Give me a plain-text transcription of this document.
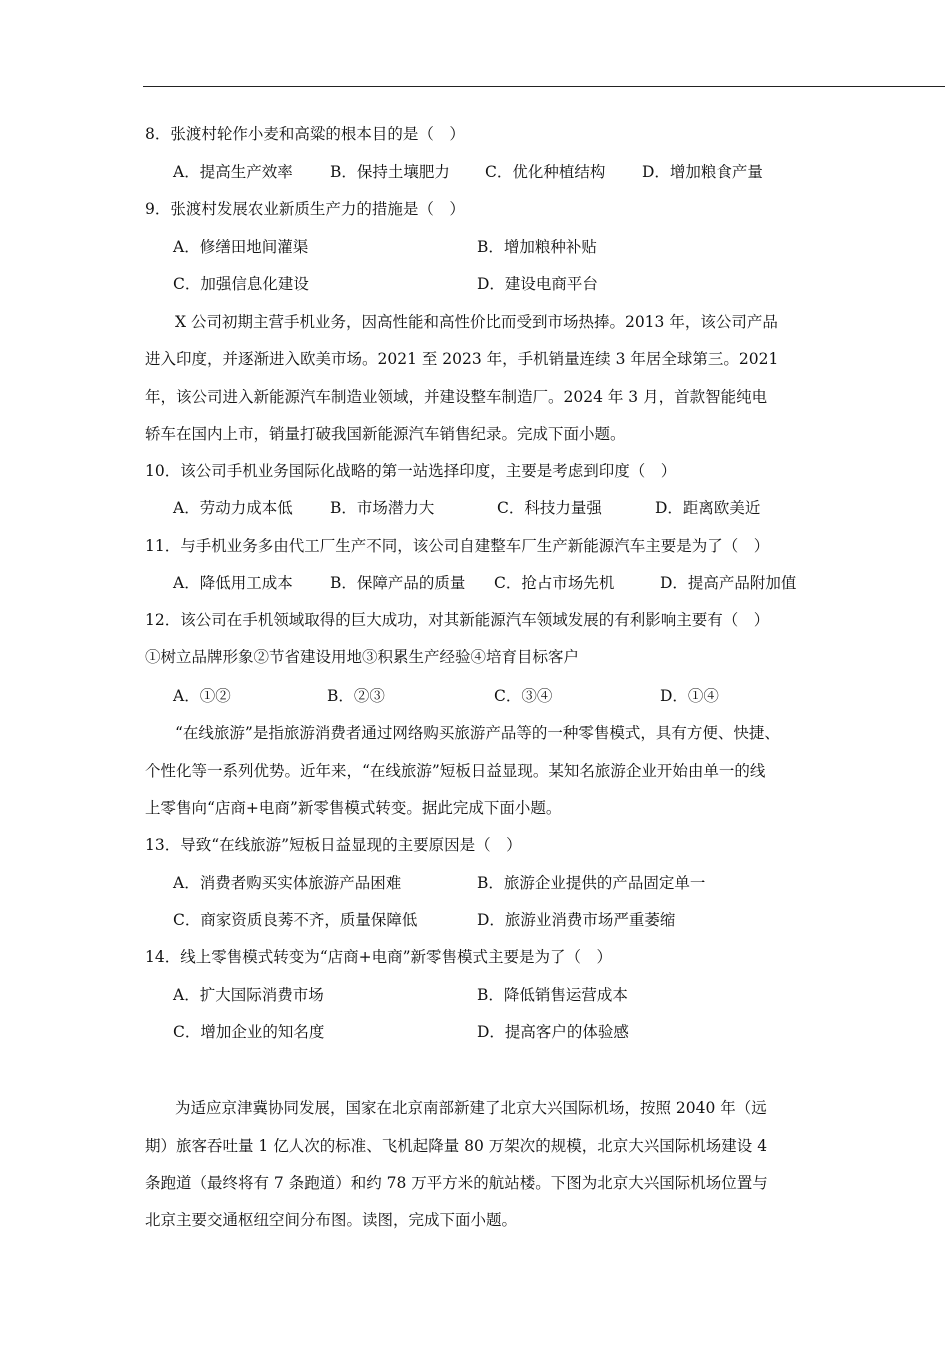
8．张渡村轮作小麦和高粱的根本目的是（　）
A．提高生产效率 B．保持土壤肥力 C．优化种植结构 D．增加粮食产量
9．张渡村发展农业新质生产力的措施是（　）
A．修缮田地间灌渠	B．增加粮种补贴
C．加强信息化建设	D．建设电商平台
X 公司初期主营手机业务，因高性能和高性价比而受到市场热捧。2013 年，该公司产品
进入印度，并逐渐进入欧美市场。2021 至 2023 年，手机销量连续 3 年居全球第三。2021
年，该公司进入新能源汽车制造业领域，并建设整车制造厂。2024 年 3 月，首款智能纯电
轿车在国内上市，销量打破我国新能源汽车销售纪录。完成下面小题。
10．该公司手机业务国际化战略的第一站选择印度，主要是考虑到印度（　）
A．劳动力成本低 B．市场潜力大	C．科技力量强	D．距离欧美近
11．与手机业务多由代工厂生产不同，该公司自建整车厂生产新能源汽车主要是为了（　）
A．降低用工成本 B．保障产品的质量 C．抢占市场先机	D．提高产品附加值
12．该公司在手机领域取得的巨大成功，对其新能源汽车领域发展的有利影响主要有（　）
①树立品牌形象②节省建设用地③积累生产经验④培育目标客户
A．①②	B．②③	C．③④	D．①④
“在线旅游”是指旅游消费者通过网络购买旅游产品等的一种零售模式，具有方便、快捷、
个性化等一系列优势。近年来，“在线旅游”短板日益显现。某知名旅游企业开始由单一的线
上零售向“店商+电商”新零售模式转变。据此完成下面小题。
13．导致“在线旅游”短板日益显现的主要原因是（　）
A．消费者购买实体旅游产品困难	B．旅游企业提供的产品固定单一
C．商家资质良莠不齐，质量保障低	D．旅游业消费市场严重萎缩
14．线上零售模式转变为“店商+电商”新零售模式主要是为了（　）
A．扩大国际消费市场	B．降低销售运营成本
C．增加企业的知名度	D．提高客户的体验感
为适应京津冀协同发展，国家在北京南部新建了北京大兴国际机场，按照 2040 年（远
期）旅客吞吐量 1 亿人次的标准、飞机起降量 80 万架次的规模，北京大兴国际机场建设 4
条跑道（最终将有 7 条跑道）和约 78 万平方米的航站楼。下图为北京大兴国际机场位置与
北京主要交通枢纽空间分布图。读图，完成下面小题。
